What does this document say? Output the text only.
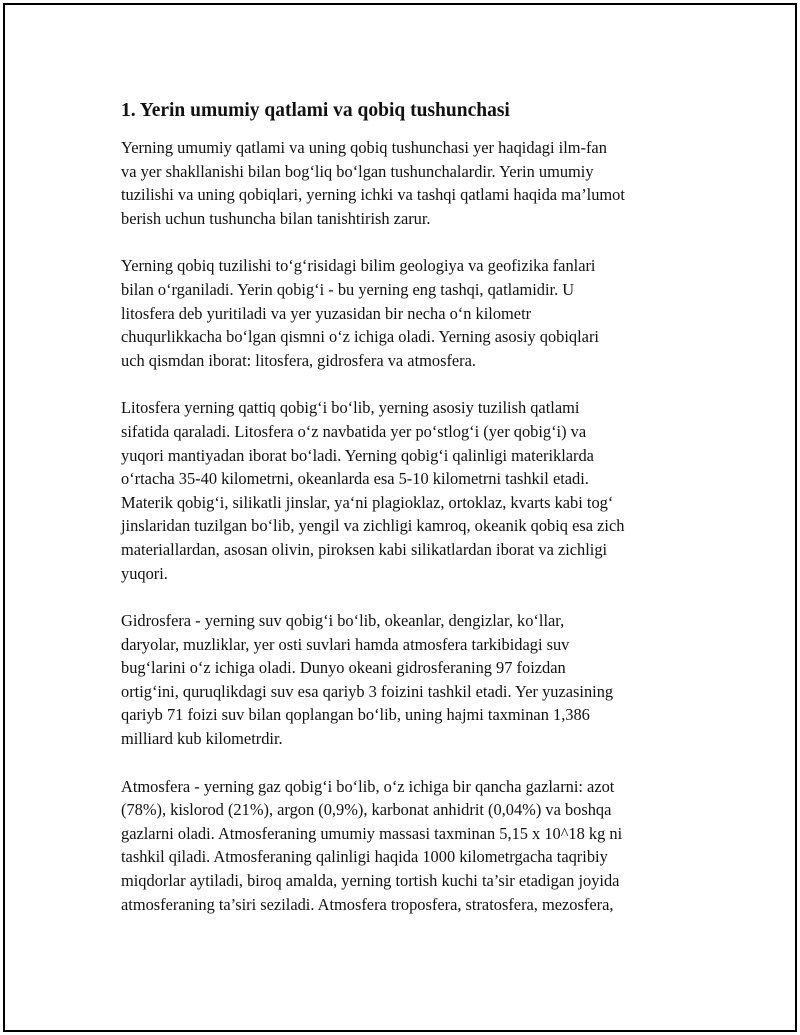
1. Yerin umumiy qatlami va qobiq tushunchasi
Yerning umumiy qatlami va uning qobiq tushunchasi yer haqidagi ilm-fan
va yer shakllanishi bilan bog‘liq bo‘lgan tushunchalardir. Yerin umumiy
tuzilishi va uning qobiqlari, yerning ichki va tashqi qatlami haqida ma’lumot
berish uchun tushuncha bilan tanishtirish zarur.
Yerning qobiq tuzilishi to‘g‘risidagi bilim geologiya va geofizika fanlari
bilan o‘rganiladi. Yerin qobig‘i - bu yerning eng tashqi, qatlamidir. U
litosfera deb yuritiladi va yer yuzasidan bir necha o‘n kilometr
chuqurlikkacha bo‘lgan qismni o‘z ichiga oladi. Yerning asosiy qobiqlari
uch qismdan iborat: litosfera, gidrosfera va atmosfera.
Litosfera yerning qattiq qobig‘i bo‘lib, yerning asosiy tuzilish qatlami
sifatida qaraladi. Litosfera o‘z navbatida yer po‘stlog‘i (yer qobig‘i) va
yuqori mantiyadan iborat bo‘ladi. Yerning qobig‘i qalinligi materiklarda
o‘rtacha 35-40 kilometrni, okeanlarda esa 5-10 kilometrni tashkil etadi.
Materik qobig‘i, silikatli jinslar, ya‘ni plagioklaz, ortoklaz, kvarts kabi tog‘
jinslaridan tuzilgan bo‘lib, yengil va zichligi kamroq, okeanik qobiq esa zich
materiallardan, asosan olivin, piroksen kabi silikatlardan iborat va zichligi
yuqori.
Gidrosfera - yerning suv qobig‘i bo‘lib, okeanlar, dengizlar, ko‘llar,
daryolar, muzliklar, yer osti suvlari hamda atmosfera tarkibidagi suv
bug‘larini o‘z ichiga oladi. Dunyo okeani gidrosferaning 97 foizdan
ortig‘ini, quruqlikdagi suv esa qariyb 3 foizini tashkil etadi. Yer yuzasining
qariyb 71 foizi suv bilan qoplangan bo‘lib, uning hajmi taxminan 1,386
milliard kub kilometrdir.
Atmosfera - yerning gaz qobig‘i bo‘lib, o‘z ichiga bir qancha gazlarni: azot
(78%), kislorod (21%), argon (0,9%), karbonat anhidrit (0,04%) va boshqa
gazlarni oladi. Atmosferaning umumiy massasi taxminan 5,15 x 10^18 kg ni
tashkil qiladi. Atmosferaning qalinligi haqida 1000 kilometrgacha taqribiy
miqdorlar aytiladi, biroq amalda, yerning tortish kuchi ta’sir etadigan joyida
atmosferaning ta’siri seziladi. Atmosfera troposfera, stratosfera, mezosfera,
